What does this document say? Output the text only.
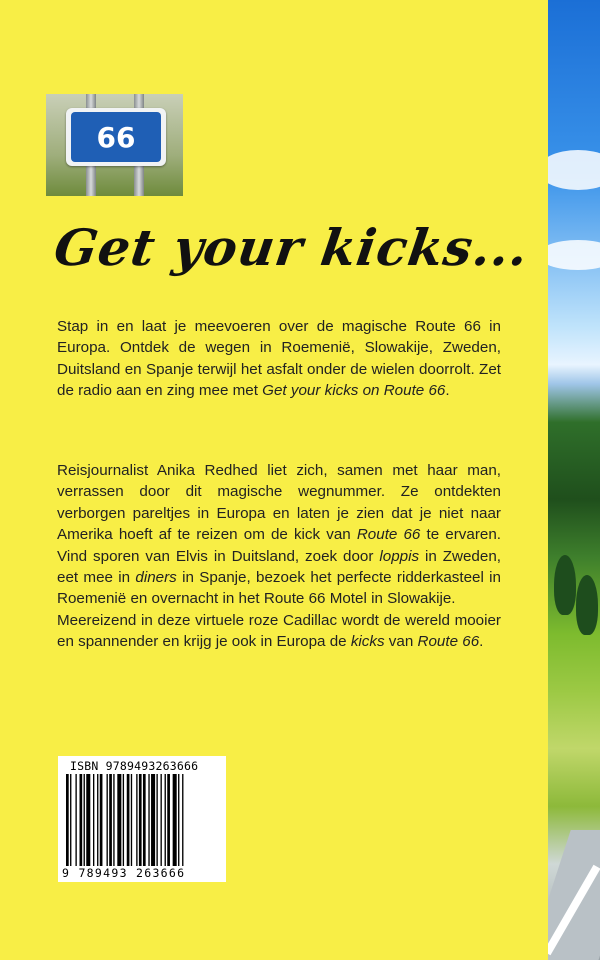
66
Get your kicks...

Stap in en laat je meevoeren over de magische Route 66 in Europa. Ontdek de wegen in Roemenië, Slowakije, Zweden, Duitsland en Spanje terwijl het asfalt onder de wielen doorrolt. Zet de radio aan en zing mee met Get your kicks on Route 66.

Reisjournalist Anika Redhed liet zich, samen met haar man, verrassen door dit magische wegnummer. Ze ontdekten verborgen pareltjes in Europa en laten je zien dat je niet naar Amerika hoeft af te reizen om de kick van Route 66 te ervaren. Vind sporen van Elvis in Duitsland, zoek door loppis in Zweden, eet mee in diners in Spanje, bezoek het perfecte ridderkasteel in Roemenië en overnacht in het Route 66 Motel in Slowakije.
Meereizend in deze virtuele roze Cadillac wordt de wereld mooier en spannender en krijg je ook in Europa de kicks van Route 66.
ISBN 9789493263666
9 789493 263666
